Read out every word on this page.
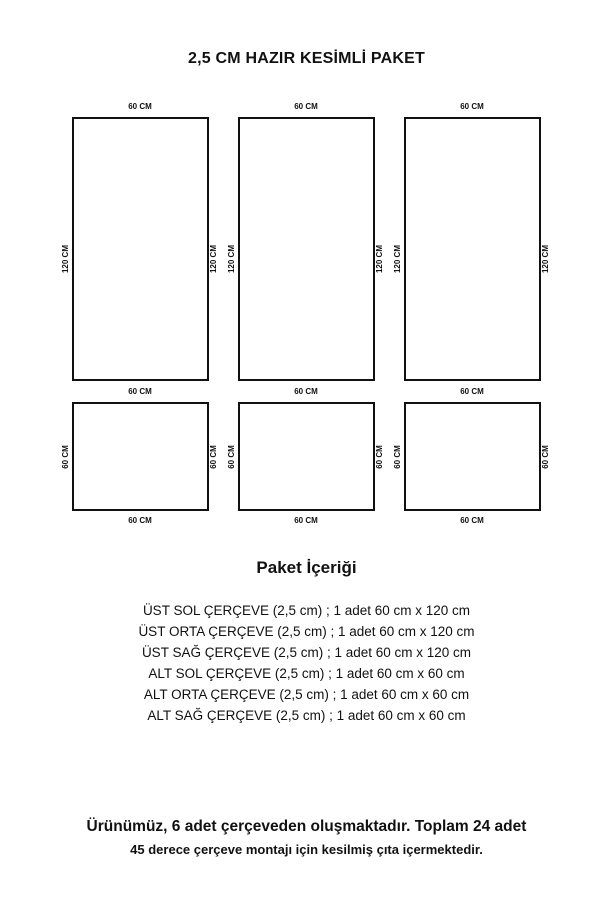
2,5 CM HAZIR KESİMLİ PAKET
60 CM	60 CM	60 CM
120 CM	120 CM 120 CM	120 CM 120 CM	120 CM
60 CM	60 CM	60 CM
60 CM	60 CM 60 CM	60 CM 60 CM	60 CM
60 CM	60 CM	60 CM
Paket İçeriği
ÜST SOL ÇERÇEVE (2,5 cm) ; 1 adet 60 cm x 120 cm
ÜST ORTA ÇERÇEVE (2,5 cm) ; 1 adet 60 cm x 120 cm
ÜST SAĞ ÇERÇEVE (2,5 cm) ; 1 adet 60 cm x 120 cm
ALT SOL ÇERÇEVE (2,5 cm) ; 1 adet 60 cm x 60 cm
ALT ORTA ÇERÇEVE (2,5 cm) ; 1 adet 60 cm x 60 cm
ALT SAĞ ÇERÇEVE (2,5 cm) ; 1 adet 60 cm x 60 cm
Ürünümüz, 6 adet çerçeveden oluşmaktadır. Toplam 24 adet
45 derece çerçeve montajı için kesilmiş çıta içermektedir.
